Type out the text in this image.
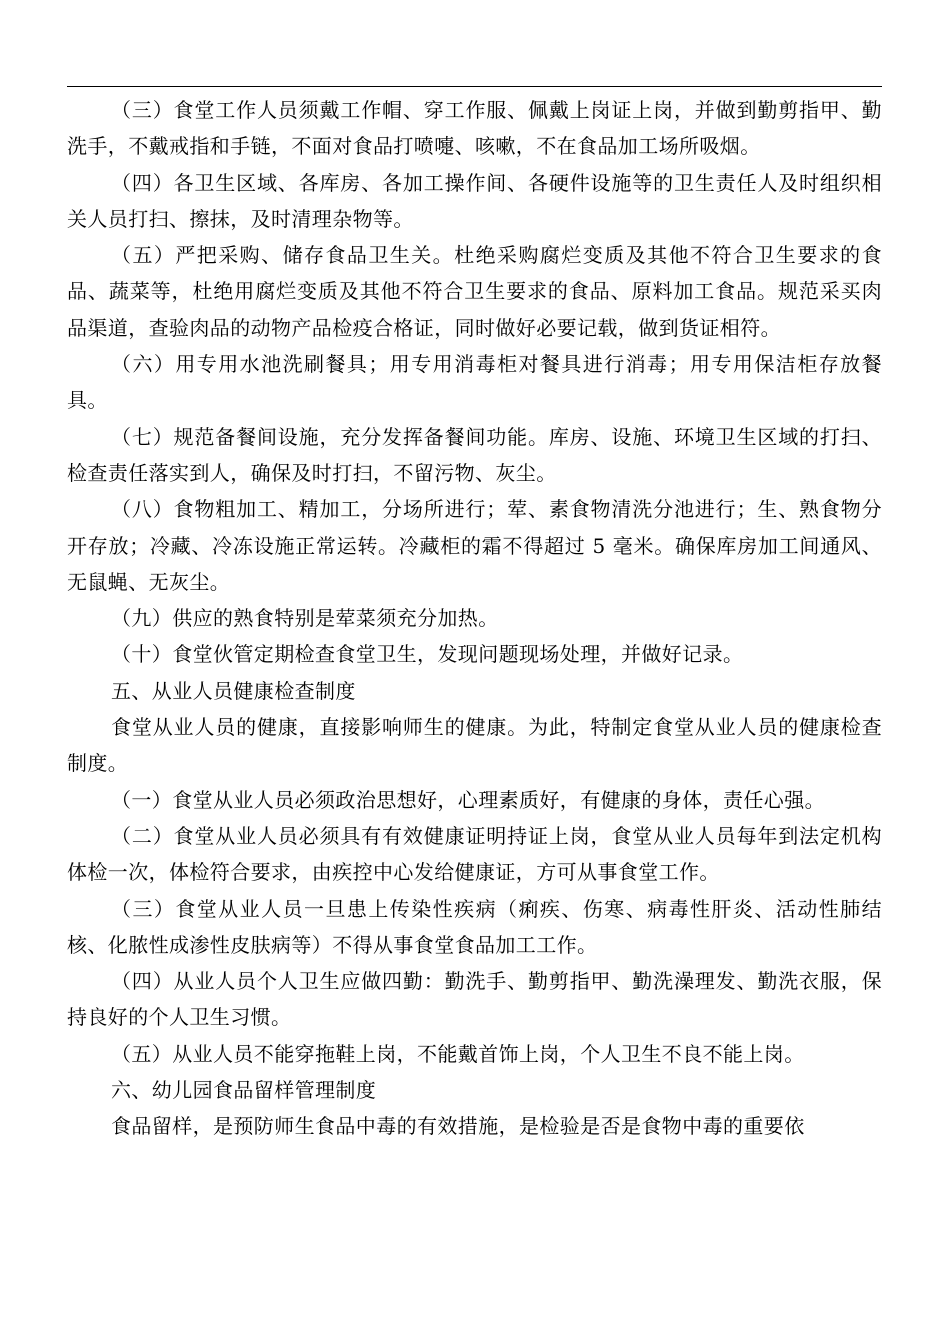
（三）食堂工作人员须戴工作帽、穿工作服、佩戴上岗证上岗，并做到勤剪指甲、勤洗手，不戴戒指和手链，不面对食品打喷嚏、咳嗽，不在食品加工场所吸烟。

（四）各卫生区域、各库房、各加工操作间、各硬件设施等的卫生责任人及时组织相关人员打扫、擦抹，及时清理杂物等。

（五）严把采购、储存食品卫生关。杜绝采购腐烂变质及其他不符合卫生要求的食品、蔬菜等，杜绝用腐烂变质及其他不符合卫生要求的食品、原料加工食品。规范采买肉品渠道，查验肉品的动物产品检疫合格证，同时做好必要记载，做到货证相符。

（六）用专用水池洗刷餐具；用专用消毒柜对餐具进行消毒；用专用保洁柜存放餐具。

（七）规范备餐间设施，充分发挥备餐间功能。库房、设施、环境卫生区域的打扫、检查责任落实到人，确保及时打扫，不留污物、灰尘。

（八）食物粗加工、精加工，分场所进行；荤、素食物清洗分池进行；生、熟食物分开存放；冷藏、冷冻设施正常运转。冷藏柜的霜不得超过 5 毫米。确保库房加工间通风、无鼠蝇、无灰尘。

（九）供应的熟食特别是荤菜须充分加热。

（十）食堂伙管定期检查食堂卫生，发现问题现场处理，并做好记录。

五、从业人员健康检查制度

食堂从业人员的健康，直接影响师生的健康。为此，特制定食堂从业人员的健康检查制度。

（一）食堂从业人员必须政治思想好，心理素质好，有健康的身体，责任心强。

（二）食堂从业人员必须具有有效健康证明持证上岗，食堂从业人员每年到法定机构体检一次，体检符合要求，由疾控中心发给健康证，方可从事食堂工作。

（三）食堂从业人员一旦患上传染性疾病（痢疾、伤寒、病毒性肝炎、活动性肺结核、化脓性成渗性皮肤病等）不得从事食堂食品加工工作。

（四）从业人员个人卫生应做四勤：勤洗手、勤剪指甲、勤洗澡理发、勤洗衣服，保持良好的个人卫生习惯。

（五）从业人员不能穿拖鞋上岗，不能戴首饰上岗，个人卫生不良不能上岗。

六、幼儿园食品留样管理制度

食品留样，是预防师生食品中毒的有效措施，是检验是否是食物中毒的重要依
